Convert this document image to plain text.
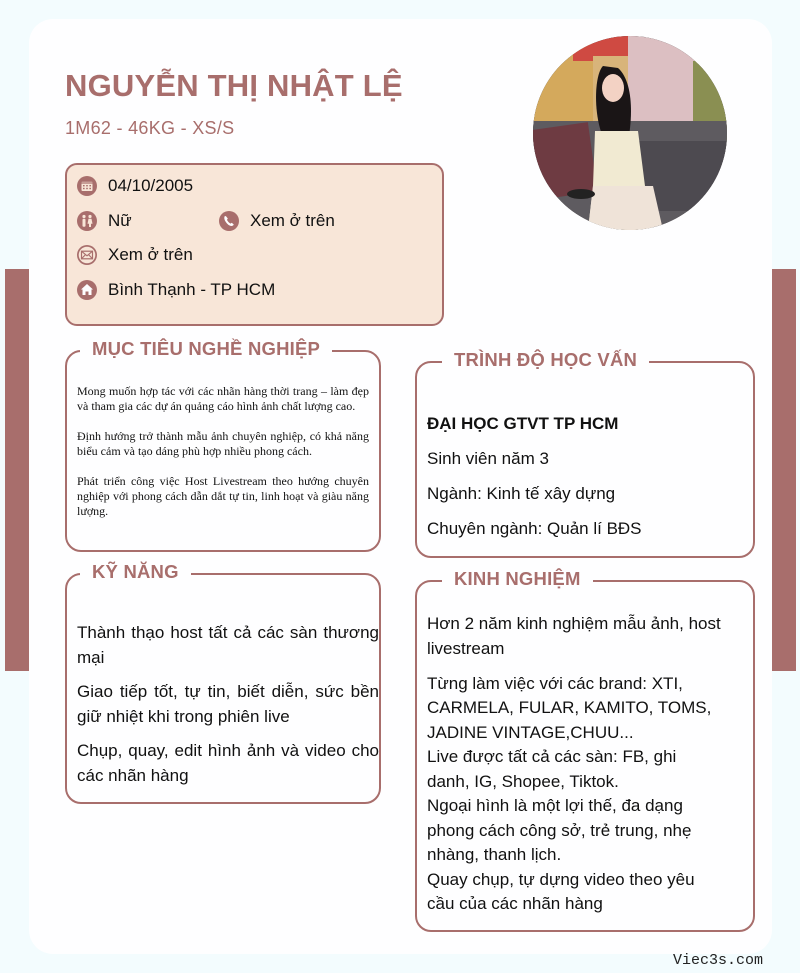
NGUYỄN THỊ NHẬT LỆ
1M62 - 46KG - XS/S
04/10/2005
Nữ	Xem ở trên
Xem ở trên
Bình Thạnh - TP HCM
MỤC TIÊU NGHỀ NGHIỆP

Mong muốn hợp tác với các nhãn hàng thời trang – làm đẹp và tham gia các dự án quảng cáo hình ảnh chất lượng cao.

Định hướng trở thành mẫu ảnh chuyên nghiệp, có khả năng biểu cảm và tạo dáng phù hợp nhiều phong cách.

Phát triển công việc Host Livestream theo hướng chuyên nghiệp với phong cách dẫn dắt tự tin, linh hoạt và giàu năng lượng.

TRÌNH ĐỘ HỌC VẤN

ĐẠI HỌC GTVT TP HCM

Sinh viên năm 3

Ngành: Kinh tế xây dựng

Chuyên ngành: Quản lí BĐS

KỸ NĂNG

Thành thạo host tất cả các sàn thương mại

Giao tiếp tốt, tự tin, biết diễn, sức bền giữ nhiệt khi trong phiên live

Chụp, quay, edit hình ảnh và video cho các nhãn hàng

KINH NGHIỆM

Hơn 2 năm kinh nghiệm mẫu ảnh, host livestream

Từng làm việc với các brand: XTI, CARMELA, FULAR, KAMITO, TOMS, JADINE VINTAGE,CHUU...

Live được tất cả các sàn: FB, ghi danh, IG, Shopee, Tiktok.

Ngoại hình là một lợi thế, đa dạng phong cách công sở, trẻ trung, nhẹ nhàng, thanh lịch.

Quay chụp, tự dựng video theo yêu cầu của các nhãn hàng

Viec3s.com
